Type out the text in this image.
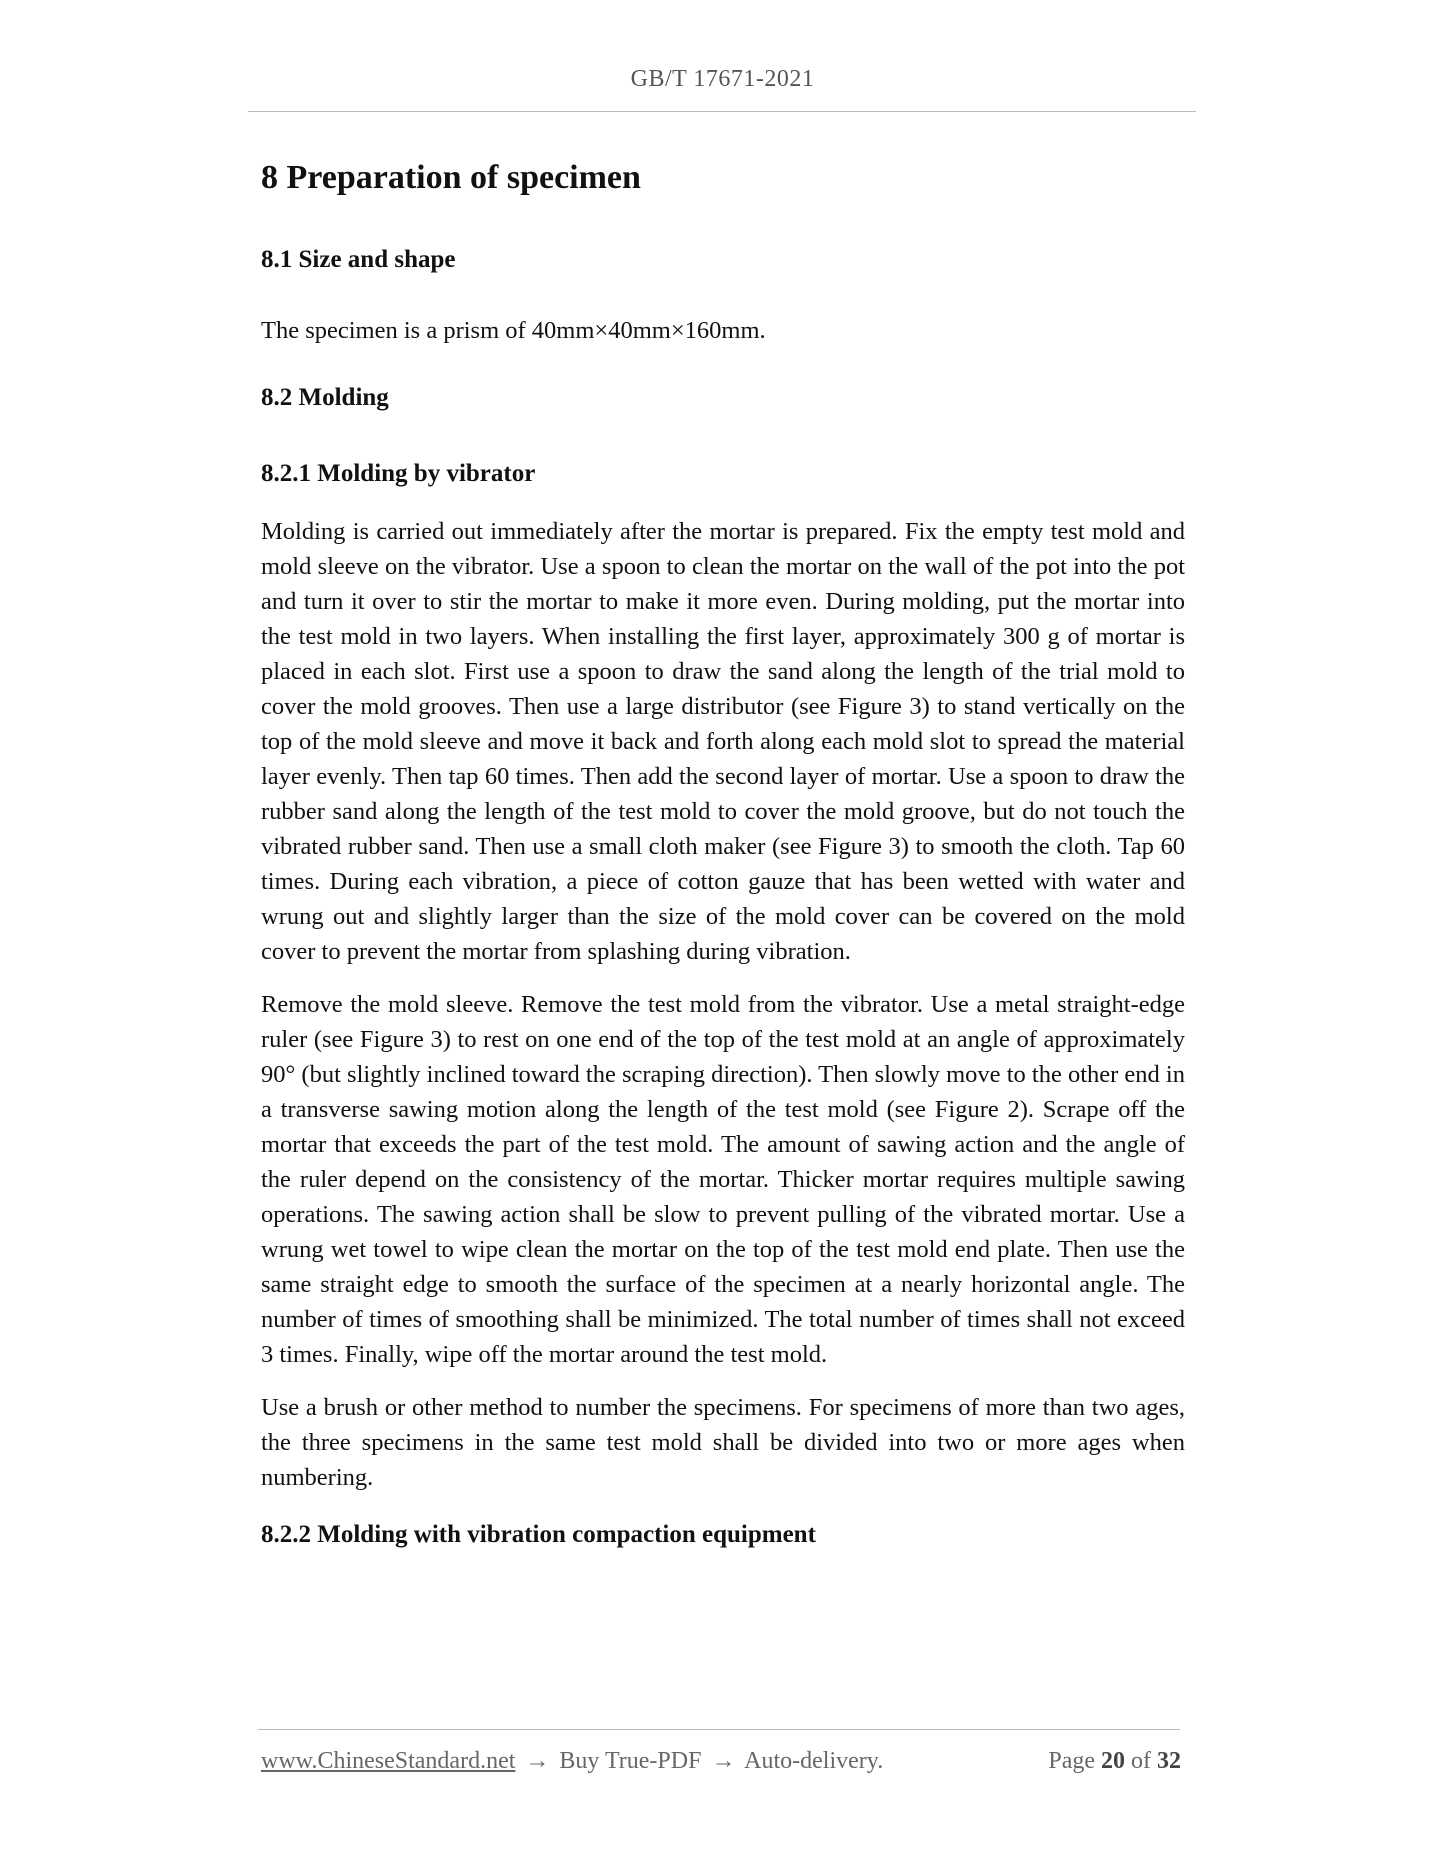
GB/T 17671-2021
8 Preparation of specimen
8.1 Size and shape

The specimen is a prism of 40mm×40mm×160mm.

8.2 Molding
8.2.1 Molding by vibrator

Molding is carried out immediately after the mortar is prepared. Fix the empty test mold and mold sleeve on the vibrator. Use a spoon to clean the mortar on the wall of the pot into the pot and turn it over to stir the mortar to make it more even. During molding, put the mortar into the test mold in two layers. When installing the first layer, approximately 300 g of mortar is placed in each slot. First use a spoon to draw the sand along the length of the trial mold to cover the mold grooves. Then use a large distributor (see Figure 3) to stand vertically on the top of the mold sleeve and move it back and forth along each mold slot to spread the material layer evenly. Then tap 60 times. Then add the second layer of mortar. Use a spoon to draw the rubber sand along the length of the test mold to cover the mold groove, but do not touch the vibrated rubber sand. Then use a small cloth maker (see Figure 3) to smooth the cloth. Tap 60 times. During each vibration, a piece of cotton gauze that has been wetted with water and wrung out and slightly larger than the size of the mold cover can be covered on the mold cover to prevent the mortar from splashing during vibration.

Remove the mold sleeve. Remove the test mold from the vibrator. Use a metal straight-edge ruler (see Figure 3) to rest on one end of the top of the test mold at an angle of approximately 90° (but slightly inclined toward the scraping direction). Then slowly move to the other end in a transverse sawing motion along the length of the test mold (see Figure 2). Scrape off the mortar that exceeds the part of the test mold. The amount of sawing action and the angle of the ruler depend on the consistency of the mortar. Thicker mortar requires multiple sawing operations. The sawing action shall be slow to prevent pulling of the vibrated mortar. Use a wrung wet towel to wipe clean the mortar on the top of the test mold end plate. Then use the same straight edge to smooth the surface of the specimen at a nearly horizontal angle. The number of times of smoothing shall be minimized. The total number of times shall not exceed 3 times. Finally, wipe off the mortar around the test mold.

Use a brush or other method to number the specimens. For specimens of more than two ages, the three specimens in the same test mold shall be divided into two or more ages when numbering.

8.2.2 Molding with vibration compaction equipment
www.ChineseStandard.net → Buy True-PDF → Auto-delivery.	Page 20 of 32
